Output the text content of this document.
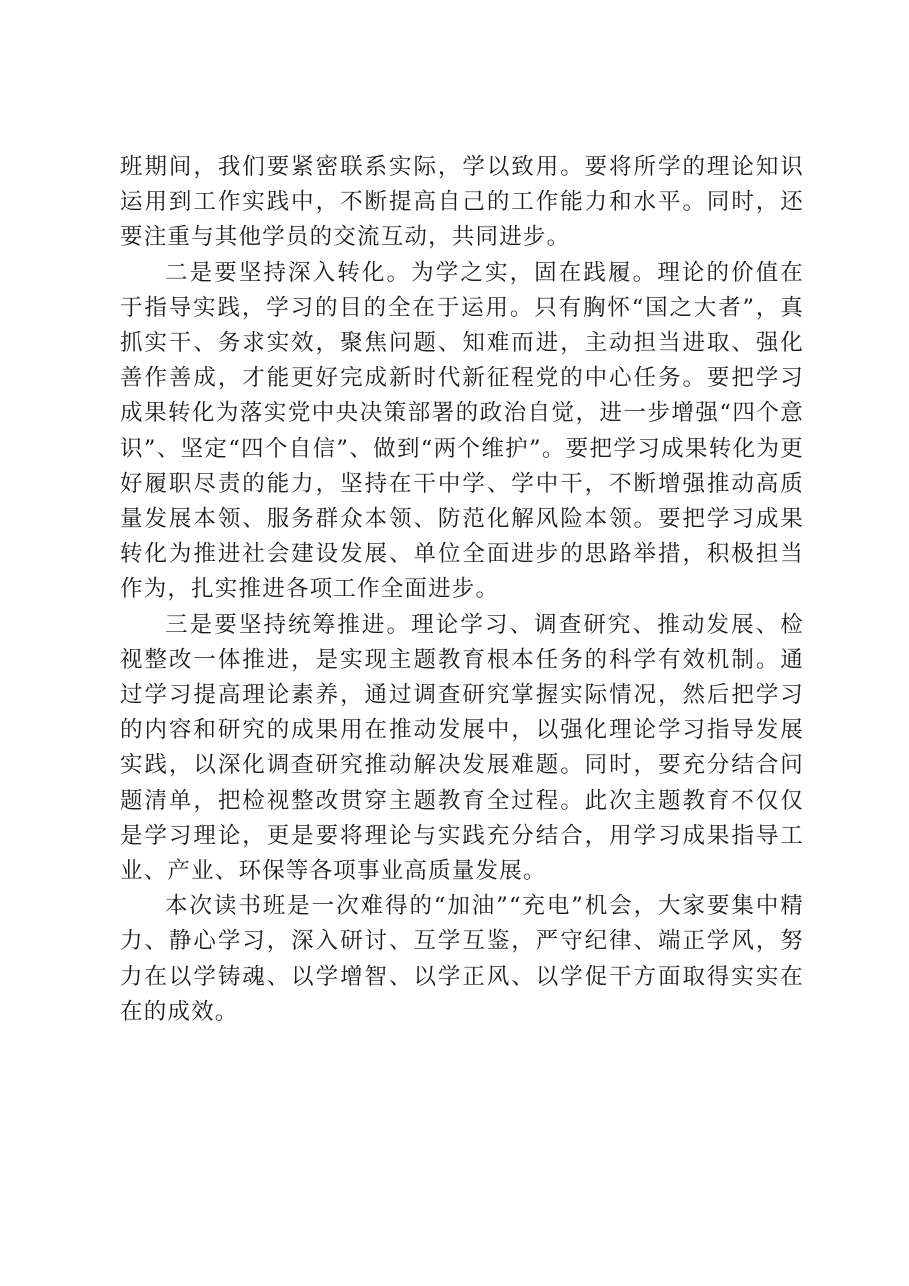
班期间，我们要紧密联系实际，学以致用。要将所学的理论知识运用到工作实践中，不断提高自己的工作能力和水平。同时，还要注重与其他学员的交流互动，共同进步。

二是要坚持深入转化。为学之实，固在践履。理论的价值在于指导实践，学习的目的全在于运用。只有胸怀“国之大者”，真抓实干、务求实效，聚焦问题、知难而进，主动担当进取、强化善作善成，才能更好完成新时代新征程党的中心任务。要把学习成果转化为落实党中央决策部署的政治自觉，进一步增强“四个意识”、坚定“四个自信”、做到“两个维护”。要把学习成果转化为更好履职尽责的能力，坚持在干中学、学中干，不断增强推动高质量发展本领、服务群众本领、防范化解风险本领。要把学习成果转化为推进社会建设发展、单位全面进步的思路举措，积极担当作为，扎实推进各项工作全面进步。

三是要坚持统筹推进。理论学习、调查研究、推动发展、检视整改一体推进，是实现主题教育根本任务的科学有效机制。通过学习提高理论素养，通过调查研究掌握实际情况，然后把学习的内容和研究的成果用在推动发展中，以强化理论学习指导发展实践，以深化调查研究推动解决发展难题。同时，要充分结合问题清单，把检视整改贯穿主题教育全过程。此次主题教育不仅仅是学习理论，更是要将理论与实践充分结合，用学习成果指导工业、产业、环保等各项事业高质量发展。

本次读书班是一次难得的“加油”“充电”机会，大家要集中精力、静心学习，深入研讨、互学互鉴，严守纪律、端正学风，努力在以学铸魂、以学增智、以学正风、以学促干方面取得实实在在的成效。
